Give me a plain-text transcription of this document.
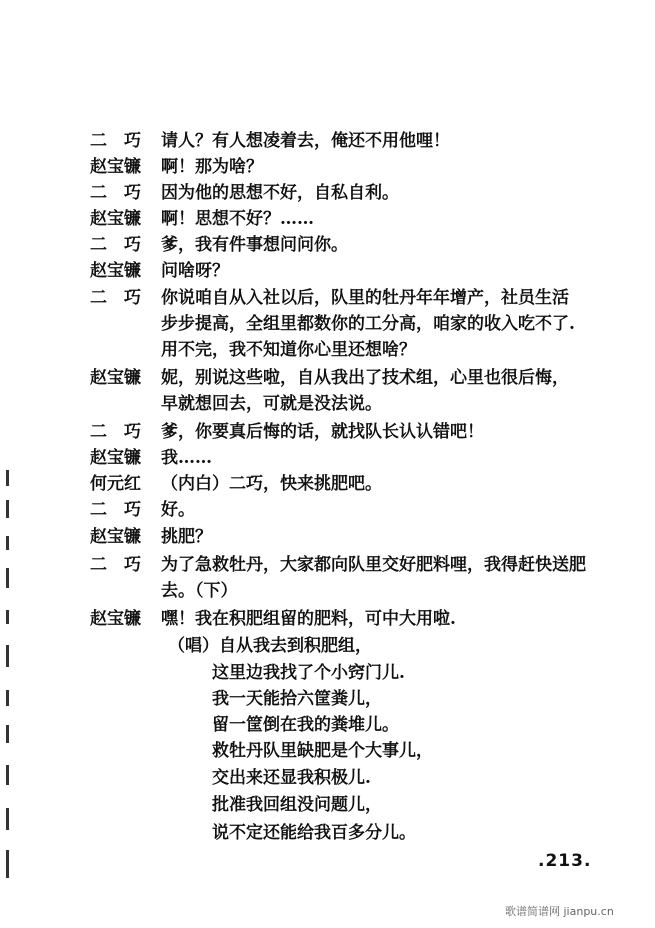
二　巧	请人？有人想凌着去，俺还不用他哩！
赵宝镰	啊！那为啥？
二　巧	因为他的思想不好，自私自利。
赵宝镰	啊！思想不好？……
二　巧	爹，我有件事想问问你。
赵宝镰	问啥呀？
二　巧	你说咱自从入社以后，队里的牡丹年年增产，社员生活
步步提高，全组里都数你的工分高，咱家的收入吃不了.
用不完，我不知道你心里还想啥？
赵宝镰	妮，别说这些啦，自从我出了技术组，心里也很后悔，
早就想回去，可就是没法说。
二　巧	爹，你要真后悔的话，就找队长认认错吧！
赵宝镰	我……
何元红	（内白）二巧，快来挑肥吧。
二　巧	好。
赵宝镰	挑肥？
二　巧	为了急救牡丹，大家都向队里交好肥料哩，我得赶快送肥
去。（下）
赵宝镰	嘿！我在积肥组留的肥料，可中大用啦.
（唱）自从我去到积肥组，
这里边我找了个小窍门儿.
我一天能拾六筐粪儿，
留一筐倒在我的粪堆儿。
救牡丹队里缺肥是个大事儿，
交出来还显我积极儿.
批准我回组没问题儿，
说不定还能给我百多分儿。
.213.
歌谱简谱网 jianpu.cn
